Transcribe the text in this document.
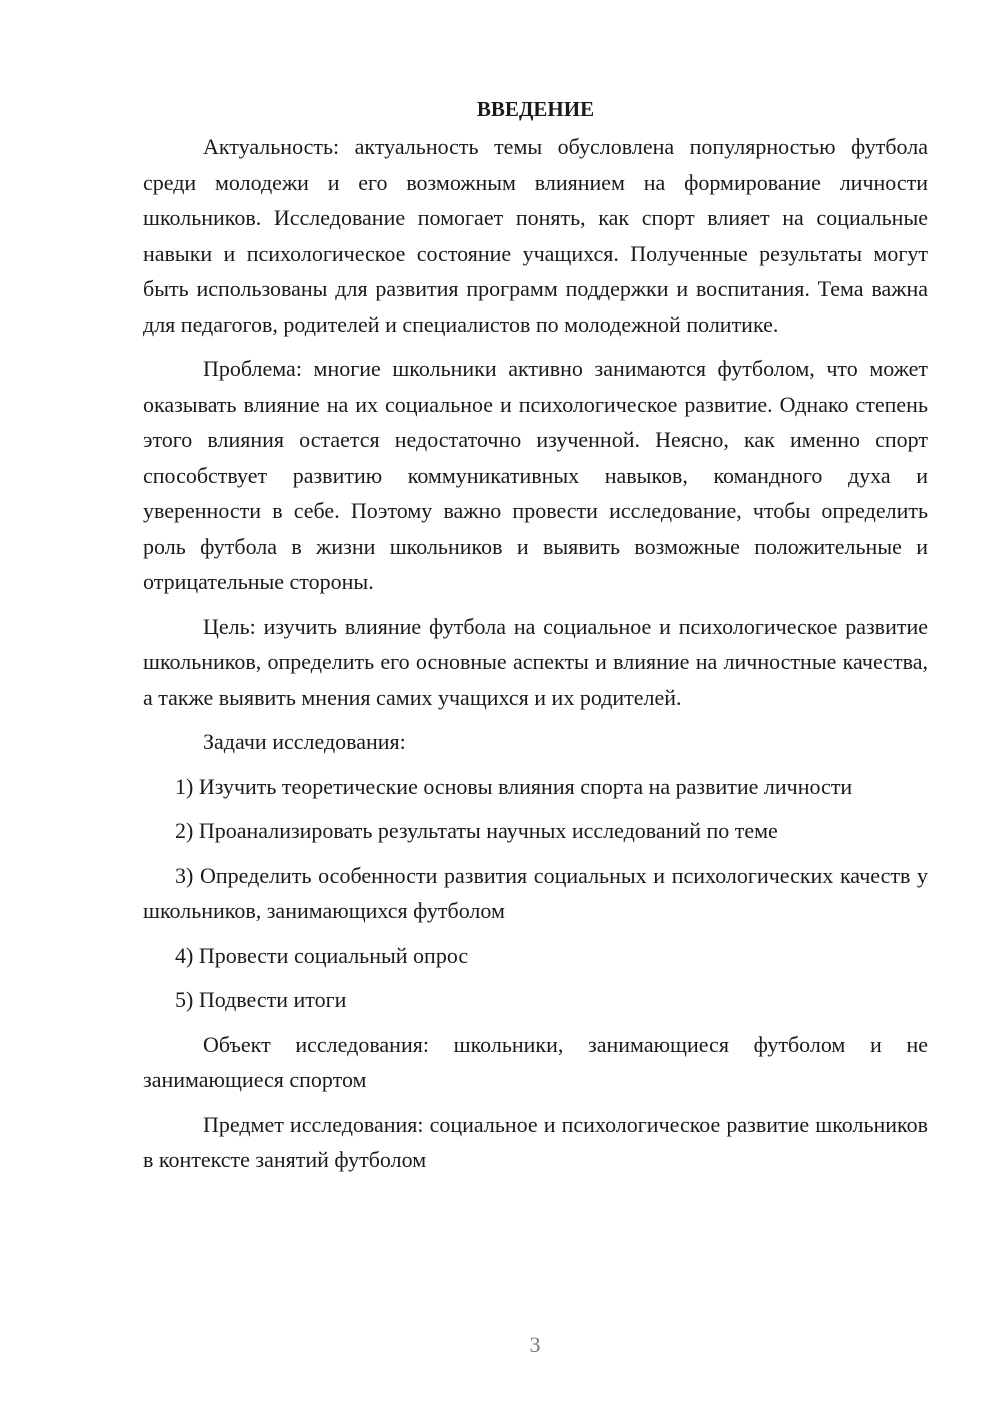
ВВЕДЕНИЕ

Актуальность: актуальность темы обусловлена популярностью футбола среди молодежи и его возможным влиянием на формирование личности школьников. Исследование помогает понять, как спорт влияет на социальные навыки и психологическое состояние учащихся. Полученные результаты могут быть использованы для развития программ поддержки и воспитания. Тема важна для педагогов, родителей и специалистов по молодежной политике.

Проблема: многие школьники активно занимаются футболом, что может оказывать влияние на их социальное и психологическое развитие. Однако степень этого влияния остается недостаточно изученной. Неясно, как именно спорт способствует развитию коммуникативных навыков, командного духа и уверенности в себе. Поэтому важно провести исследование, чтобы определить роль футбола в жизни школьников и выявить возможные положительные и отрицательные стороны.

Цель: изучить влияние футбола на социальное и психологическое развитие школьников, определить его основные аспекты и влияние на личностные качества, а также выявить мнения самих учащихся и их родителей.

Задачи исследования:

1) Изучить теоретические основы влияния спорта на развитие личности

2) Проанализировать результаты научных исследований по теме

3) Определить особенности развития социальных и психологических качеств у школьников, занимающихся футболом

4) Провести социальный опрос

5) Подвести итоги

Объект исследования: школьники, занимающиеся футболом и не занимающиеся спортом

Предмет исследования: социальное и психологическое развитие школьников в контексте занятий футболом

3
